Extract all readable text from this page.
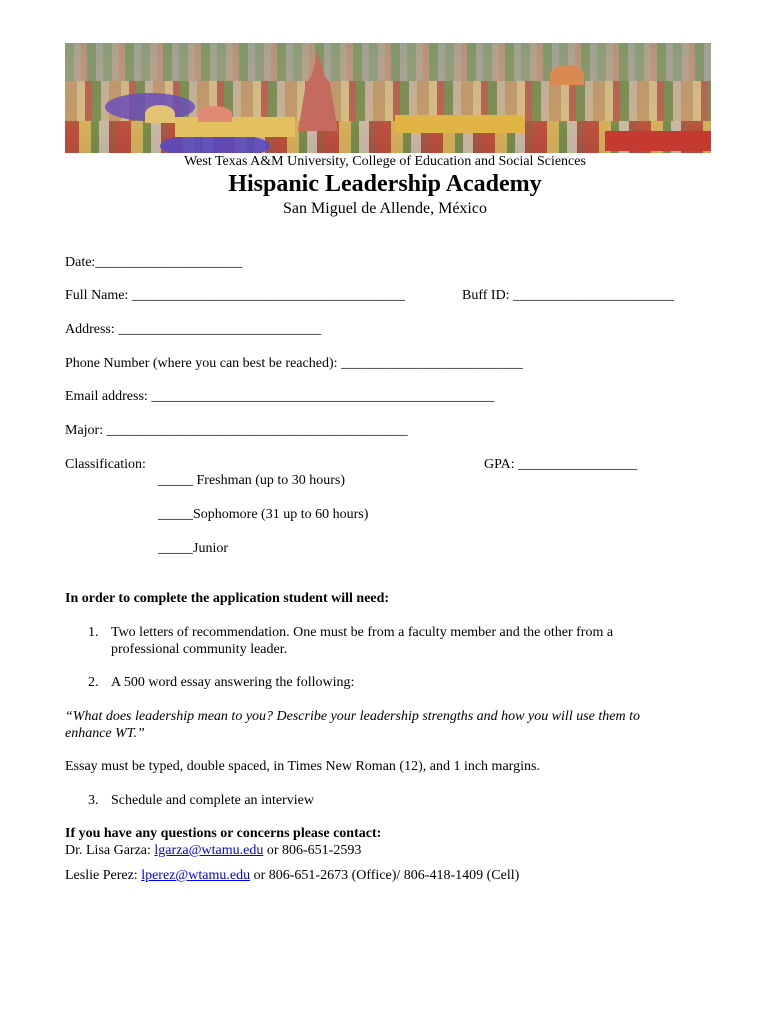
West Texas A&M University, College of Education and Social Sciences
Hispanic Leadership Academy
San Miguel de Allende, México
Date:_____________________
Full Name: _______________________________________	Buff ID: _______________________
Address: _____________________________
Phone Number (where you can best be reached): __________________________
Email address: _________________________________________________
Major: ___________________________________________
Classification:	GPA: _________________
_____ Freshman (up to 30 hours)
_____Sophomore (31 up to 60 hours)
_____Junior
In order to complete the application student will need:
1. Two letters of recommendation. One must be from a faculty member and the other from a
professional community leader.
2. A 500 word essay answering the following:
“What does leadership mean to you? Describe your leadership strengths and how you will use them to
enhance WT.”
Essay must be typed, double spaced, in Times New Roman (12), and 1 inch margins.
3. Schedule and complete an interview
If you have any questions or concerns please contact:
Dr. Lisa Garza: lgarza@wtamu.edu or 806-651-2593
Leslie Perez: lperez@wtamu.edu or 806-651-2673 (Office)/ 806-418-1409 (Cell)
